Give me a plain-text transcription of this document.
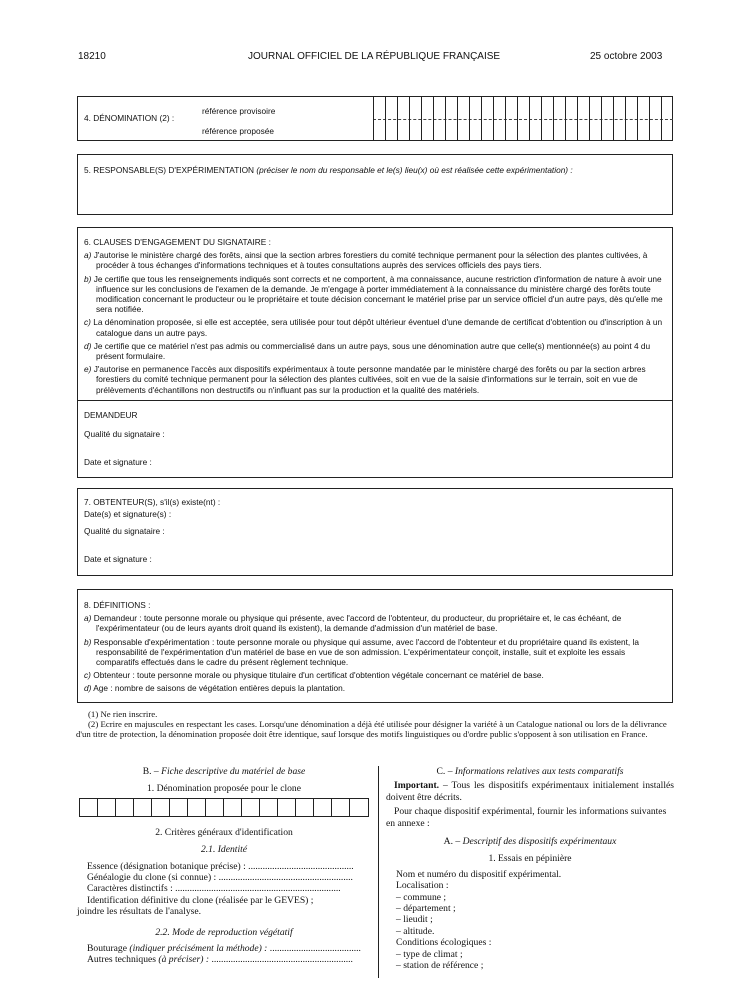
18210	JOURNAL OFFICIEL DE LA RÉPUBLIQUE FRANÇAISE	25 octobre 2003
4. DÉNOMINATION (2) :
référence provisoire
référence proposée
5. RESPONSABLE(S) D'EXPÉRIMENTATION (préciser le nom du responsable et le(s) lieu(x) où est réalisée cette expérimentation) :
6. CLAUSES D'ENGAGEMENT DU SIGNATAIRE :
a) J'autorise le ministère chargé des forêts, ainsi que la section arbres forestiers du comité technique permanent pour la sélection des plantes cultivées, à procéder à tous échanges d'informations techniques et à toutes consultations auprès des services officiels des pays tiers.
b) Je certifie que tous les renseignements indiqués sont corrects et ne comportent, à ma connaissance, aucune restriction d'information de nature à avoir une influence sur les conclusions de l'examen de la demande. Je m'engage à porter immédiatement à la connaissance du ministère chargé des forêts toute modification concernant le producteur ou le propriétaire et toute décision concernant le matériel prise par un service officiel d'un autre pays, dès qu'elle me sera notifiée.
c) La dénomination proposée, si elle est acceptée, sera utilisée pour tout dépôt ultérieur éventuel d'une demande de certificat d'obtention ou d'inscription à un catalogue dans un autre pays.
d) Je certifie que ce matériel n'est pas admis ou commercialisé dans un autre pays, sous une dénomination autre que celle(s) mentionnée(s) au point 4 du présent formulaire.
e) J'autorise en permanence l'accès aux dispositifs expérimentaux à toute personne mandatée par le ministère chargé des forêts ou par la section arbres forestiers du comité technique permanent pour la sélection des plantes cultivées, soit en vue de la saisie d'informations sur le terrain, soit en vue de prélèvements d'échantillons non destructifs ou n'influant pas sur la production et la qualité des matériels.
DEMANDEUR
Qualité du signataire :
Date et signature :
7. OBTENTEUR(S), s'il(s) existe(nt) :
Date(s) et signature(s) :
Qualité du signataire :
Date et signature :
8. DÉFINITIONS :
a) Demandeur : toute personne morale ou physique qui présente, avec l'accord de l'obtenteur, du producteur, du propriétaire et, le cas échéant, de l'expérimentateur (ou de leurs ayants droit quand ils existent), la demande d'admission d'un matériel de base.
b) Responsable d'expérimentation : toute personne morale ou physique qui assume, avec l'accord de l'obtenteur et du propriétaire quand ils existent, la responsabilité de l'expérimentation d'un matériel de base en vue de son admission. L'expérimentateur conçoit, installe, suit et exploite les essais comparatifs effectués dans le cadre du présent règlement technique.
c) Obtenteur : toute personne morale ou physique titulaire d'un certificat d'obtention végétale concernant ce matériel de base.
d) Age : nombre de saisons de végétation entières depuis la plantation.
(1) Ne rien inscrire.
(2) Ecrire en majuscules en respectant les cases. Lorsqu'une dénomination a déjà été utilisée pour désigner la variété à un Catalogue national ou lors de la délivrance d'un titre de protection, la dénomination proposée doit être identique, sauf lorsque des motifs linguistiques ou d'ordre public s'opposent à son utilisation en France.
B. – Fiche descriptive du matériel de base
1. Dénomination proposée pour le clone
2. Critères généraux d'identification
2.1. Identité
Essence (désignation botanique précise) : ............................................
Généalogie du clone (si connue) : ........................................................
Caractères distinctifs : .....................................................................
Identification définitive du clone (réalisée par le GEVES) ;
joindre les résultats de l'analyse.
2.2. Mode de reproduction végétatif
Bouturage (indiquer précisément la méthode) : ......................................
Autres techniques (à préciser) : ...........................................................
C. – Informations relatives aux tests comparatifs
Important. – Tous les dispositifs expérimentaux initialement installés doivent être décrits.
Pour chaque dispositif expérimental, fournir les informations suivantes en annexe :
A. – Descriptif des dispositifs expérimentaux
1. Essais en pépinière
Nom et numéro du dispositif expérimental.
Localisation :
– commune ;
– département ;
– lieudit ;
– altitude.
Conditions écologiques :
– type de climat ;
– station de référence ;
